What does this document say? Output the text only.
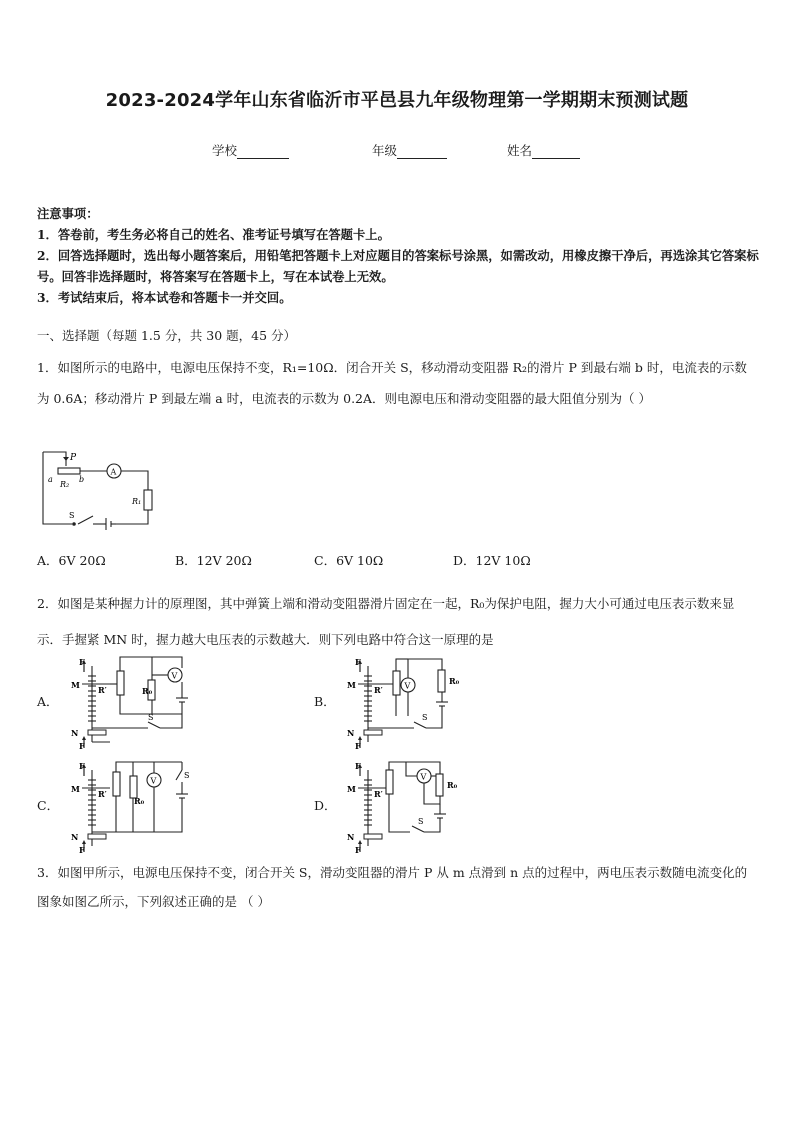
2023-2024学年山东省临沂市平邑县九年级物理第一学期期末预测试题
学校	年级	姓名
注意事项：
1．答卷前，考生务必将自己的姓名、准考证号填写在答题卡上。
2．回答选择题时，选出每小题答案后，用铅笔把答题卡上对应题目的答案标号涂黑，如需改动，用橡皮擦干净后，再选涂其它答案标号。回答非选择题时，将答案写在答题卡上，写在本试卷上无效。
3．考试结束后，将本试卷和答题卡一并交回。
一、选择题（每题 1.5 分，共 30 题，45 分）
1．如图所示的电路中，电源电压保持不变，R₁=10Ω．闭合开关 S，移动滑动变阻器 R₂的滑片 P 到最右端 b 时，电流表的示数为 0.6A；移动滑片 P 到最左端 a 时，电流表的示数为 0.2A．则电源电压和滑动变阻器的最大阻值分别为（ ）
P
a	b
R₂
A
R₁
S
A．6V 20Ω	B．12V 20Ω	C．6V 10Ω	D．12V 10Ω
2．如图是某种握力计的原理图，其中弹簧上端和滑动变阻器滑片固定在一起，R₀为保护电阻，握力大小可通过电压表示数来显示．手握紧 MN 时，握力越大电压表的示数越大．则下列电路中符合这一原理的是
A．	B．
C．	D．
F
M R′	R₀
V
S
N
F
F
M R′	V	R₀
S
N
F
F
M R′
R₀
V
S
N
F
F
M R′
V
R₀
S
N
F
3．如图甲所示，电源电压保持不变，闭合开关 S，滑动变阻器的滑片 P 从 m 点滑到 n 点的过程中，两电压表示数随电流变化的图象如图乙所示，下列叙述正确的是 （ ）
